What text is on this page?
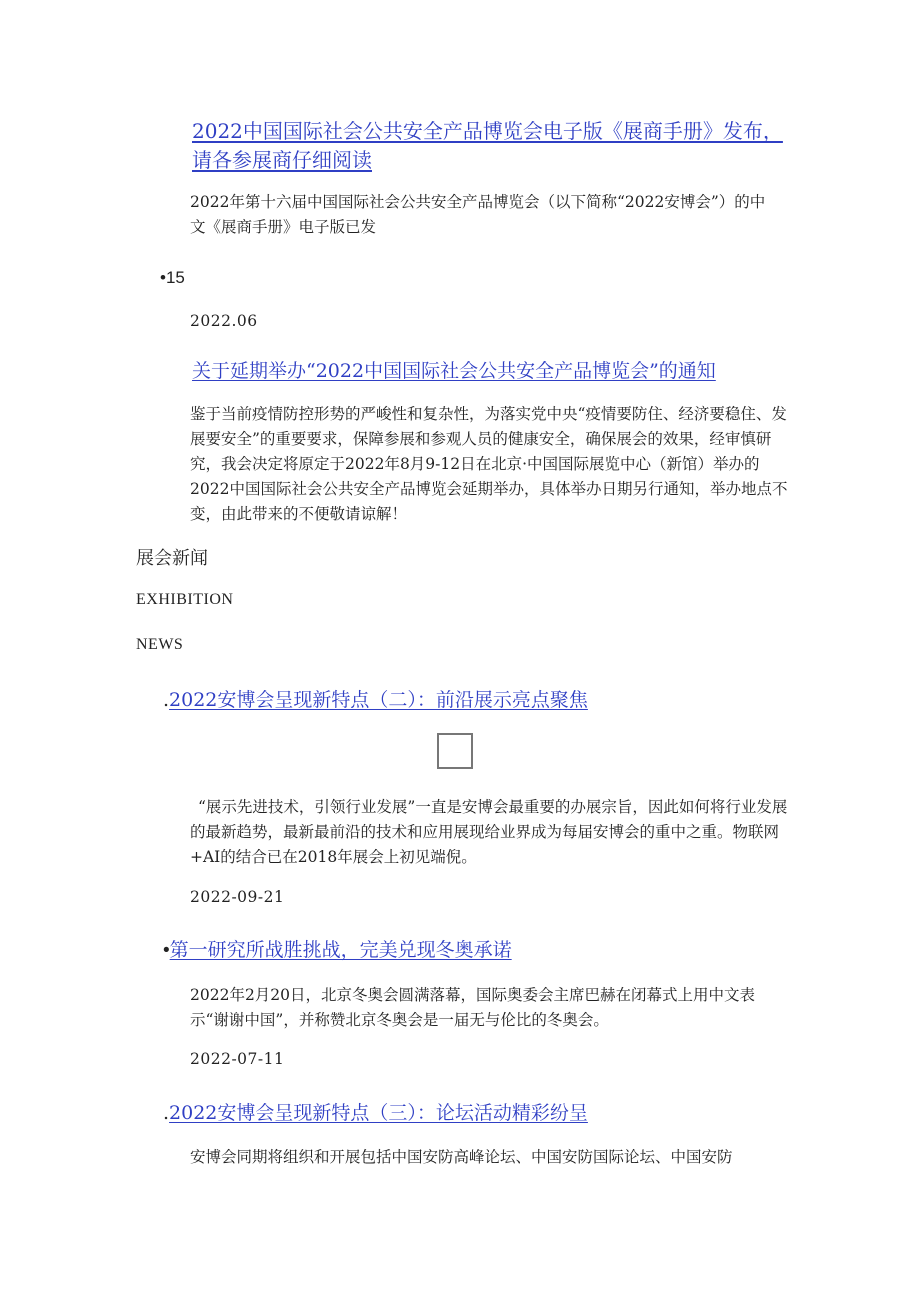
2022中国国际社会公共安全产品博览会电子版《展商手册》发布，请各参展商仔细阅读
2022年第十六届中国国际社会公共安全产品博览会（以下简称“2022安博会”）的中文《展商手册》电子版已发
•15
2022.06
关于延期举办“2022中国国际社会公共安全产品博览会”的通知
鉴于当前疫情防控形势的严峻性和复杂性，为落实党中央“疫情要防住、经济要稳住、发展要安全”的重要要求，保障参展和参观人员的健康安全，确保展会的效果，经审慎研究，我会决定将原定于2022年8月9-12日在北京·中国国际展览中心（新馆）举办的2022中国国际社会公共安全产品博览会延期举办，具体举办日期另行通知，举办地点不变，由此带来的不便敬请谅解！
展会新闻
EXHIBITION
NEWS
.2022安博会呈现新特点（二）：前沿展示亮点聚焦
“展示先进技术，引领行业发展”一直是安博会最重要的办展宗旨，因此如何将行业发展的最新趋势，最新最前沿的技术和应用展现给业界成为每届安博会的重中之重。物联网+AI的结合已在2018年展会上初见端倪。
2022-09-21
•第一研究所战胜挑战，完美兑现冬奥承诺
2022年2月20日，北京冬奥会圆满落幕，国际奥委会主席巴赫在闭幕式上用中文表示“谢谢中国”，并称赞北京冬奥会是一届无与伦比的冬奥会。
2022-07-11
.2022安博会呈现新特点（三）：论坛活动精彩纷呈
安博会同期将组织和开展包括中国安防高峰论坛、中国安防国际论坛、中国安防
